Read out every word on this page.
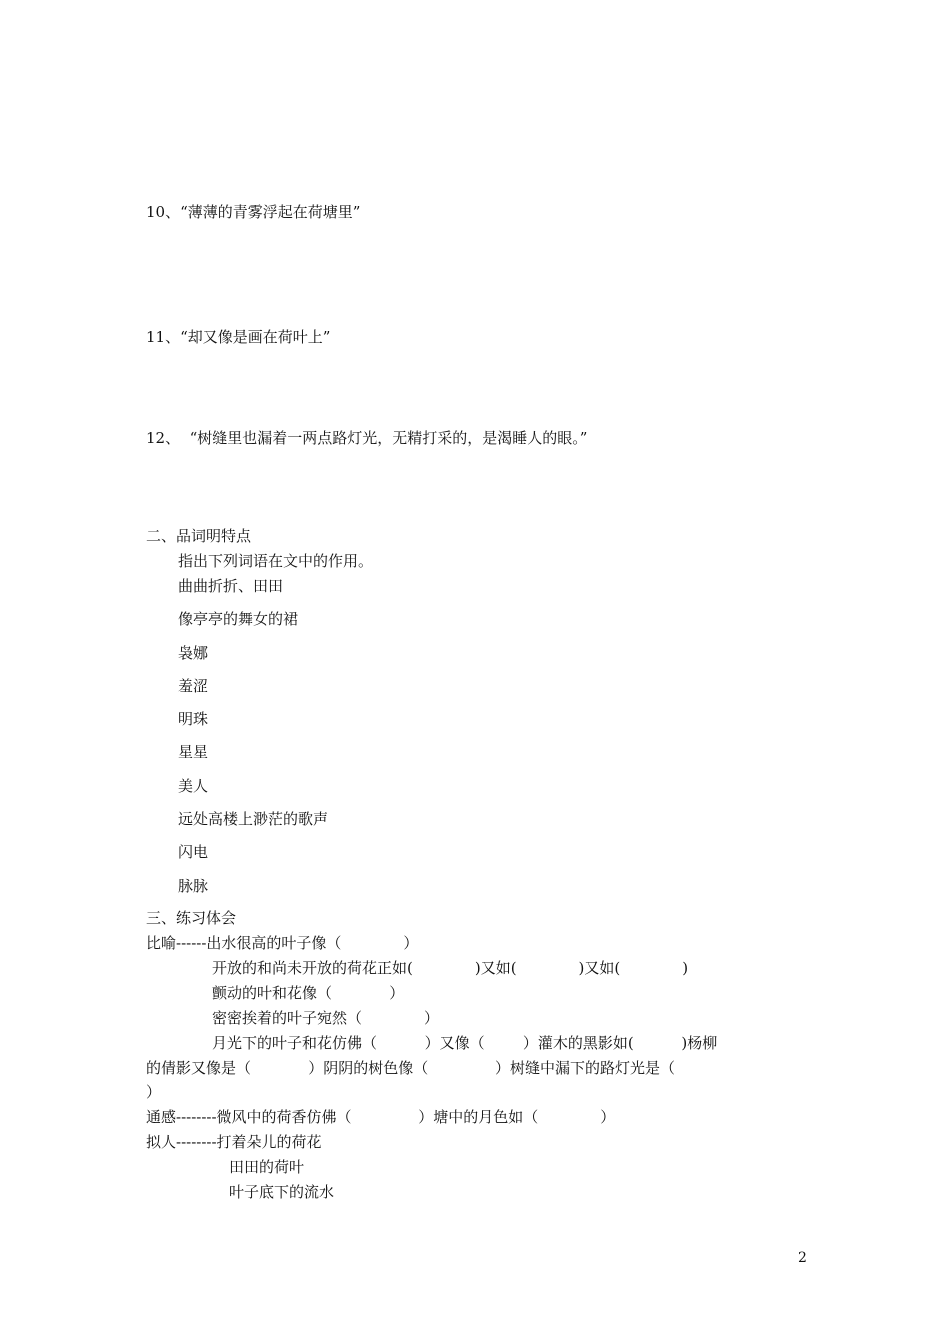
10、“薄薄的青雾浮起在荷塘里”
11、“却又像是画在荷叶上”
12、  “树缝里也漏着一两点路灯光，无精打采的，是渴睡人的眼。”
二、品词明特点
指出下列词语在文中的作用。
曲曲折折、田田
像亭亭的舞女的裙
袅娜
羞涩
明珠
星星
美人
远处高楼上渺茫的歌声
闪电
脉脉
三、练习体会
比喻------出水很高的叶子像（             ）
开放的和尚未开放的荷花正如(             )又如(             )又如(             )
颤动的叶和花像（            ）
密密挨着的叶子宛然（             ）
月光下的叶子和花仿佛（          ）又像（        ）灌木的黑影如(          )杨柳
的倩影又像是（            ）阴阴的树色像（              ）树缝中漏下的路灯光是（
）
通感--------微风中的荷香仿佛（              ）塘中的月色如（             ）
拟人--------打着朵儿的荷花
田田的荷叶
叶子底下的流水
2
